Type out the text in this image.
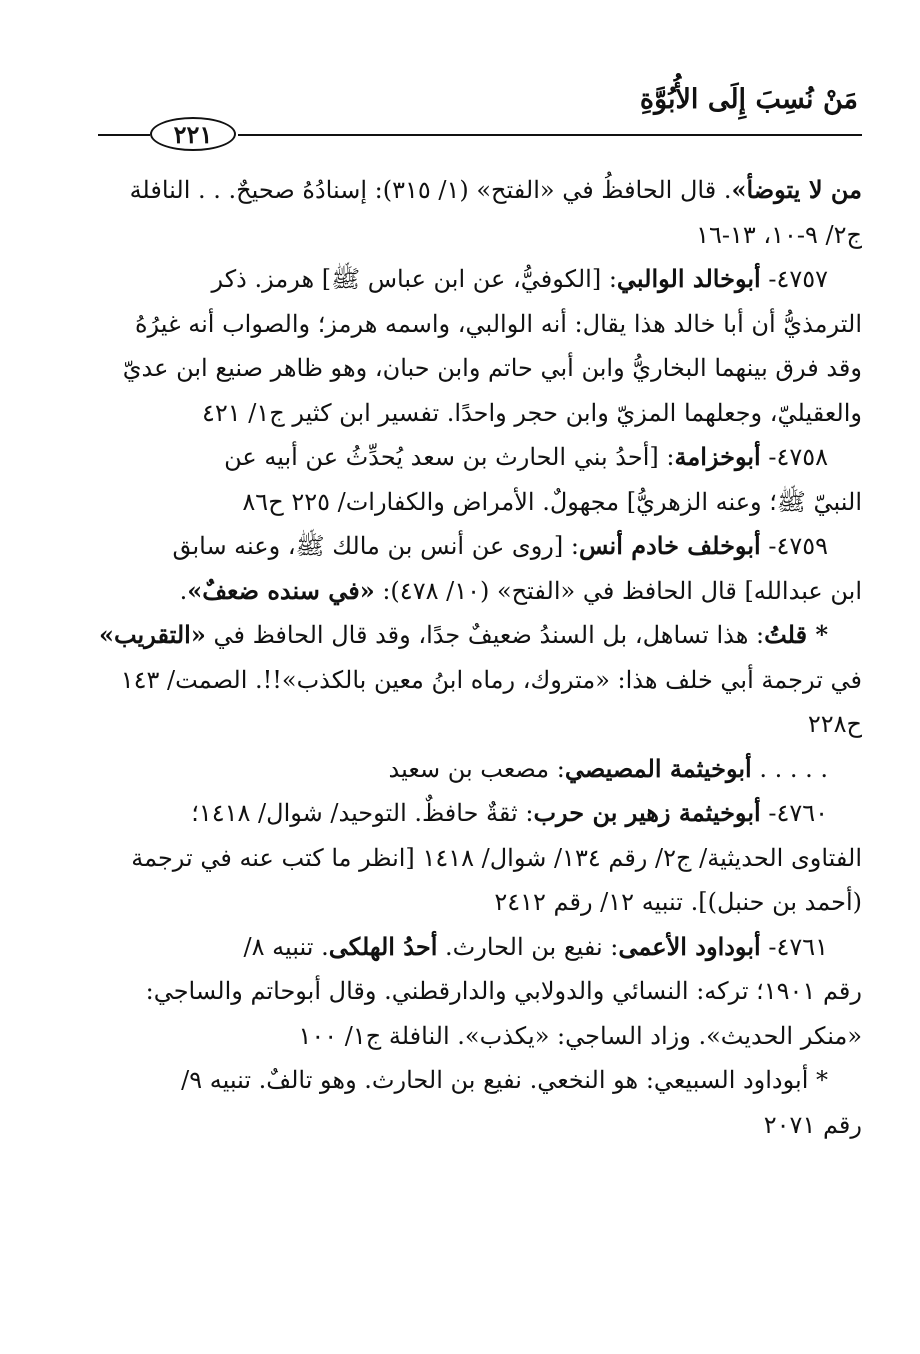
مَنْ نُسِبَ إِلَى الأُبُوَّةِ
٢٢١
من لا يتوضأ». قال الحافظُ في «الفتح» (١/ ٣١٥): إسنادُهُ صحيحٌ. . . النافلة
ج٢/ ٩-١٠، ١٣-١٦
٤٧٥٧- أبوخالد الوالبي: [الكوفيُّ، عن ابن عباس ﷺ] هرمز. ذكر
الترمذيُّ أن أبا خالد هذا يقال: أنه الوالبي، واسمه هرمز؛ والصواب أنه غيرُهُ
وقد فرق بينهما البخاريُّ وابن أبي حاتم وابن حبان، وهو ظاهر صنيع ابن عديّ
والعقيليّ، وجعلهما المزيّ وابن حجر واحدًا. تفسير ابن كثير ج١/ ٤٢١
٤٧٥٨- أبوخزامة: [أحدُ بني الحارث بن سعد يُحدِّثُ عن أبيه عن
النبيّ ﷺ؛ وعنه الزهريُّ] مجهولٌ. الأمراض والكفارات/ ٢٢٥ ح٨٦
٤٧٥٩- أبوخلف خادم أنس: [روى عن أنس بن مالك ﷺ، وعنه سابق
ابن عبدالله] قال الحافظ في «الفتح» (١٠/ ٤٧٨): «في سنده ضعفٌ».
* قلتُ: هذا تساهل، بل السندُ ضعيفٌ جدًا، وقد قال الحافظ في «التقريب»
في ترجمة أبي خلف هذا: «متروك، رماه ابنُ معين بالكذب»!!. الصمت/ ١٤٣
ح٢٢٨
. . . . . أبوخيثمة المصيصي: مصعب بن سعيد
٤٧٦٠- أبوخيثمة زهير بن حرب: ثقةٌ حافظٌ. التوحيد/ شوال/ ١٤١٨؛
الفتاوى الحديثية/ ج٢/ رقم ١٣٤/ شوال/ ١٤١٨ [انظر ما كتب عنه في ترجمة
(أحمد بن حنبل)]. تنبيه ١٢/ رقم ٢٤١٢
٤٧٦١- أبوداود الأعمى: نفيع بن الحارث. أحدُ الهلكى. تنبيه ٨/
رقم ١٩٠١؛ تركه: النسائي والدولابي والدارقطني. وقال أبوحاتم والساجي:
«منكر الحديث». وزاد الساجي: «يكذب». النافلة ج١/ ١٠٠
* أبوداود السبيعي: هو النخعي. نفيع بن الحارث. وهو تالفٌ. تنبيه ٩/
رقم ٢٠٧١
